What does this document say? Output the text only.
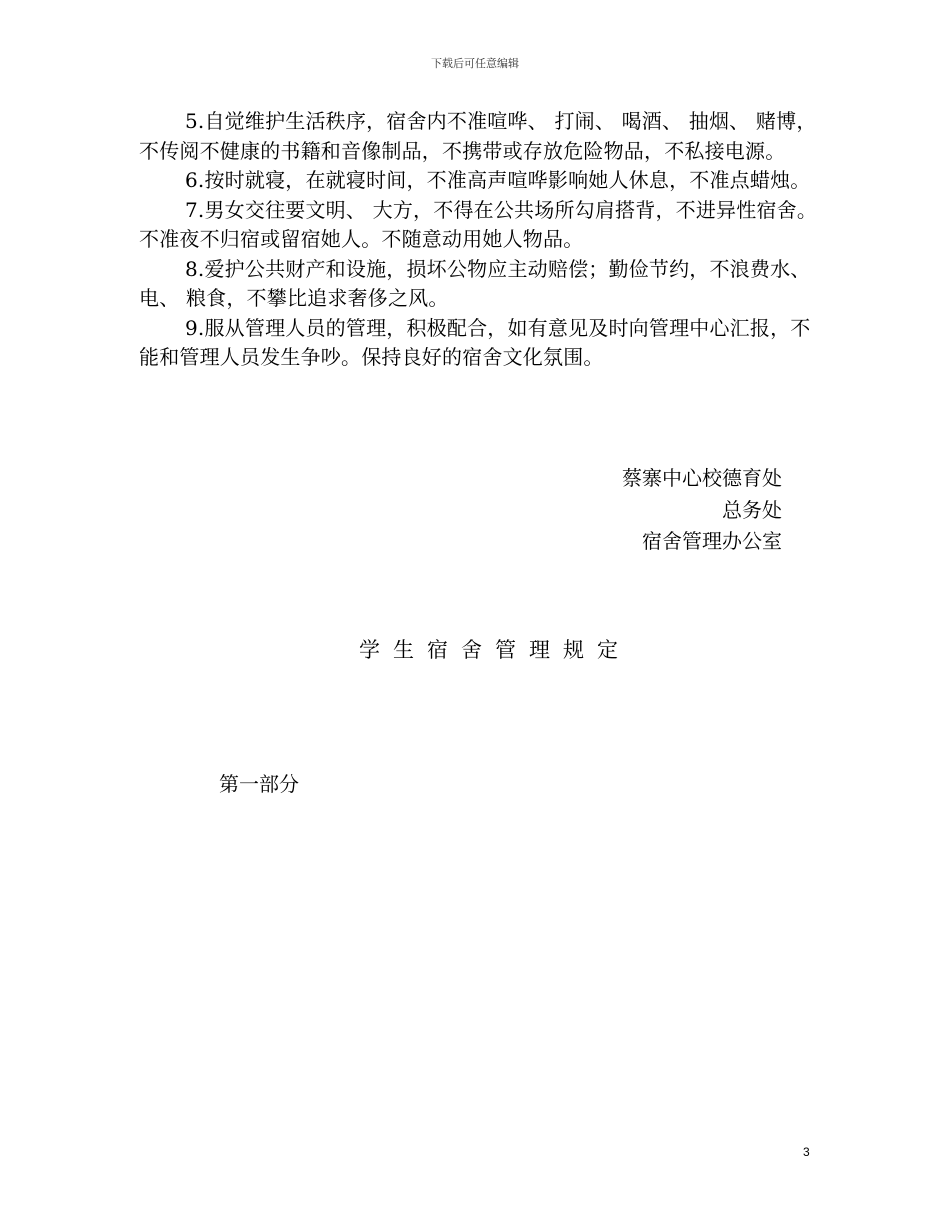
下载后可任意编辑

5.自觉维护生活秩序，宿舍内不准喧哗、 打闹、 喝酒、 抽烟、 赌博，不传阅不健康的书籍和音像制品，不携带或存放危险物品，不私接电源。

6.按时就寝，在就寝时间，不准高声喧哗影响她人休息，不准点蜡烛。

7.男女交往要文明、 大方，不得在公共场所勾肩搭背，不进异性宿舍。不准夜不归宿或留宿她人。不随意动用她人物品。

8.爱护公共财产和设施，损坏公物应主动赔偿；勤俭节约，不浪费水、 电、 粮食，不攀比追求奢侈之风。

9.服从管理人员的管理，积极配合，如有意见及时向管理中心汇报，不能和管理人员发生争吵。保持良好的宿舍文化氛围。

蔡寨中心校德育处
总务处
宿舍管理办公室
学生宿舍管理规定
第一部分
3
